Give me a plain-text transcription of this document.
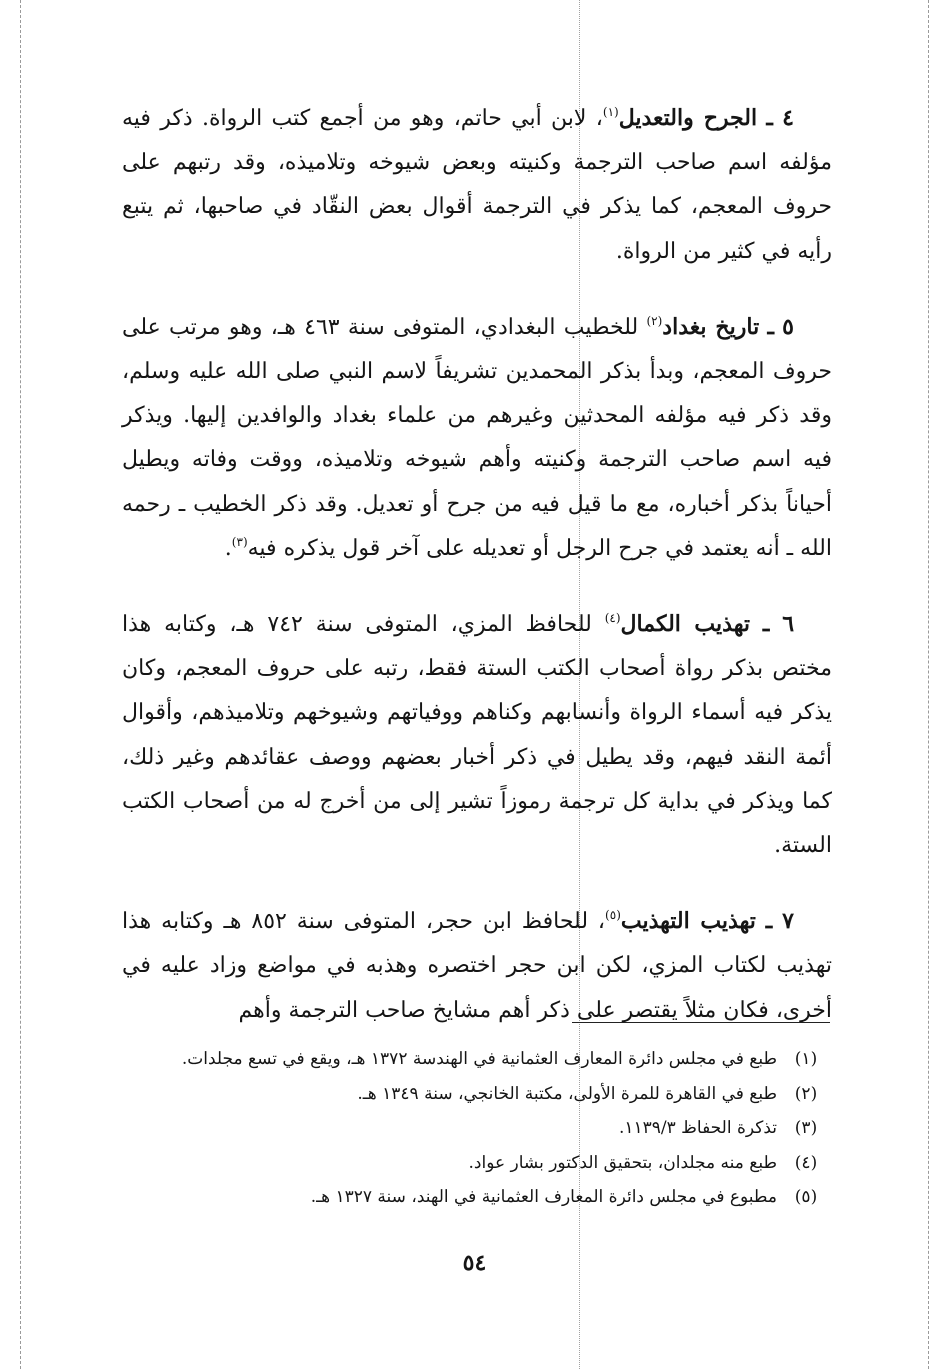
٤ ـ الجرح والتعديل$^{(١)}$، لابن أبي حاتم، وهو من أجمع كتب الرواة. ذكر فيه مؤلفه اسم صاحب الترجمة وكنيته وبعض شيوخه وتلاميذه، وقد رتبهم على حروف المعجم، كما يذكر في الترجمة أقوال بعض النقّاد في صاحبها، ثم يتبع رأيه في كثير من الرواة.

٥ ـ تاريخ بغداد$^{(٢)}$ للخطيب البغدادي، المتوفى سنة ٤٦٣ هـ، وهو مرتب على حروف المعجم، وبدأ بذكر المحمدين تشريفاً لاسم النبي صلى الله عليه وسلم، وقد ذكر فيه مؤلفه المحدثين وغيرهم من علماء بغداد والوافدين إليها. ويذكر فيه اسم صاحب الترجمة وكنيته وأهم شيوخه وتلاميذه، ووقت وفاته ويطيل أحياناً بذكر أخباره، مع ما قيل فيه من جرح أو تعديل. وقد ذكر الخطيب ـ رحمه الله ـ أنه يعتمد في جرح الرجل أو تعديله على آخر قول يذكره فيه$^{(٣)}$.

٦ ـ تهذيب الكمال$^{(٤)}$ للحافظ المزي، المتوفى سنة ٧٤٢ هـ، وكتابه هذا مختص بذكر رواة أصحاب الكتب الستة فقط، رتبه على حروف المعجم، وكان يذكر فيه أسماء الرواة وأنسابهم وكناهم ووفياتهم وشيوخهم وتلاميذهم، وأقوال أئمة النقد فيهم، وقد يطيل في ذكر أخبار بعضهم ووصف عقائدهم وغير ذلك، كما ويذكر في بداية كل ترجمة رموزاً تشير إلى من أخرج له من أصحاب الكتب الستة.

٧ ـ تهذيب التهذيب$^{(٥)}$، للحافظ ابن حجر، المتوفى سنة ٨٥٢ هـ وكتابه هذا تهذيب لكتاب المزي، لكن ابن حجر اختصره وهذبه في مواضع وزاد عليه في أخرى، فكان مثلاً يقتصر على ذكر أهم مشايخ صاحب الترجمة وأهم

(١)
طبع في مجلس دائرة المعارف العثمانية في الهندسة ١٣٧٢ هـ، ويقع في تسع مجلدات.
(٢)
طبع في القاهرة للمرة الأولى، مكتبة الخانجي، سنة ١٣٤٩ هـ.
(٣)
تذكرة الحفاظ ١١٣٩/٣.
(٤)
طبع منه مجلدان، بتحقيق الدكتور بشار عواد.
(٥)
مطبوع في مجلس دائرة المعارف العثمانية في الهند، سنة ١٣٢٧ هـ.
٥٤
